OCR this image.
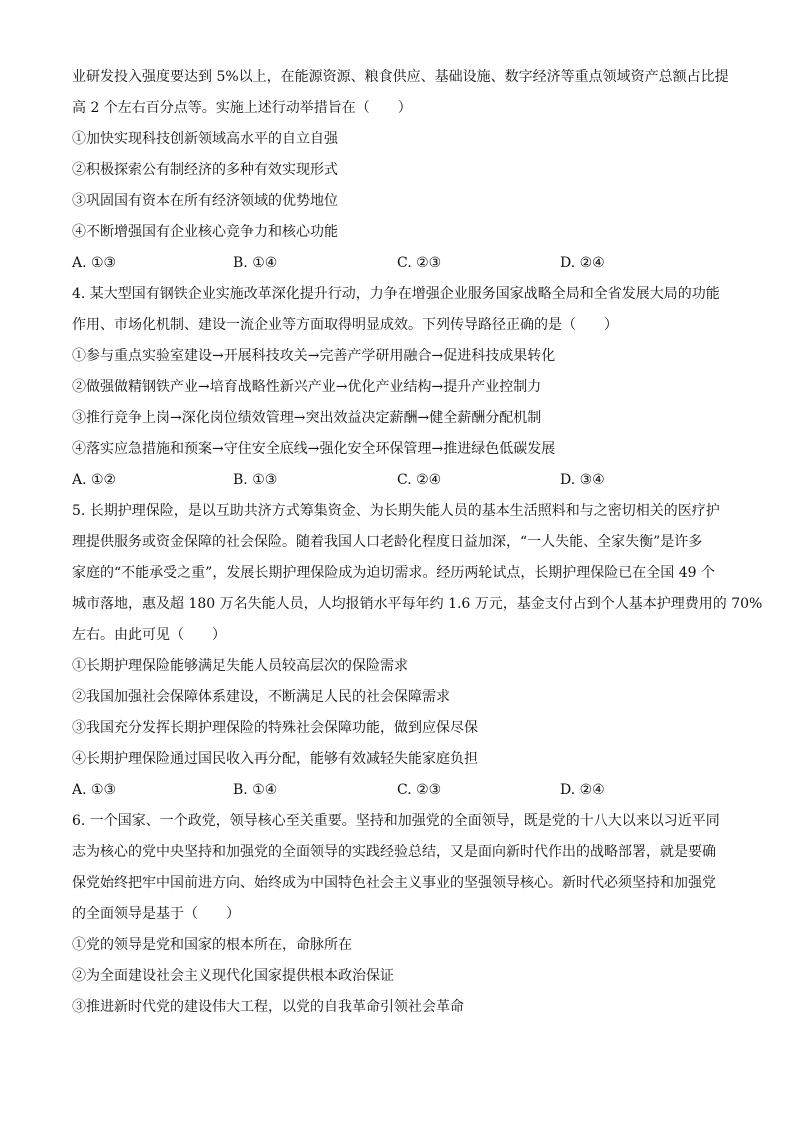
业研发投入强度要达到 5%以上，在能源资源、粮食供应、基础设施、数字经济等重点领域资产总额占比提
高 2 个左右百分点等。实施上述行动举措旨在（　　）
①加快实现科技创新领域高水平的自立自强
②积极探索公有制经济的多种有效实现形式
③巩固国有资本在所有经济领域的优势地位
④不断增强国有企业核心竞争力和核心功能
A. ①③	B. ①④	C. ②③	D. ②④
4. 某大型国有钢铁企业实施改革深化提升行动，力争在增强企业服务国家战略全局和全省发展大局的功能
作用、市场化机制、建设一流企业等方面取得明显成效。下列传导路径正确的是（　　）
①参与重点实验室建设→开展科技攻关→完善产学研用融合→促进科技成果转化
②做强做精钢铁产业→培育战略性新兴产业→优化产业结构→提升产业控制力
③推行竞争上岗→深化岗位绩效管理→突出效益决定薪酬→健全薪酬分配机制
④落实应急措施和预案→守住安全底线→强化安全环保管理→推进绿色低碳发展
A. ①②	B. ①③	C. ②④	D. ③④
5. 长期护理保险，是以互助共济方式筹集资金、为长期失能人员的基本生活照料和与之密切相关的医疗护
理提供服务或资金保障的社会保险。随着我国人口老龄化程度日益加深，“一人失能、全家失衡”是许多
家庭的“不能承受之重”，发展长期护理保险成为迫切需求。经历两轮试点，长期护理保险已在全国 49 个
城市落地，惠及超 180 万名失能人员，人均报销水平每年约 1.6 万元，基金支付占到个人基本护理费用的 70%
左右。由此可见（　　）
①长期护理保险能够满足失能人员较高层次的保险需求
②我国加强社会保障体系建设，不断满足人民的社会保障需求
③我国充分发挥长期护理保险的特殊社会保障功能，做到应保尽保
④长期护理保险通过国民收入再分配，能够有效减轻失能家庭负担
A. ①③	B. ①④	C. ②③	D. ②④
6. 一个国家、一个政党，领导核心至关重要。坚持和加强党的全面领导，既是党的十八大以来以习近平同
志为核心的党中央坚持和加强党的全面领导的实践经验总结，又是面向新时代作出的战略部署，就是要确
保党始终把牢中国前进方向、始终成为中国特色社会主义事业的坚强领导核心。新时代必须坚持和加强党
的全面领导是基于（　　）
①党的领导是党和国家的根本所在，命脉所在
②为全面建设社会主义现代化国家提供根本政治保证
③推进新时代党的建设伟大工程，以党的自我革命引领社会革命
